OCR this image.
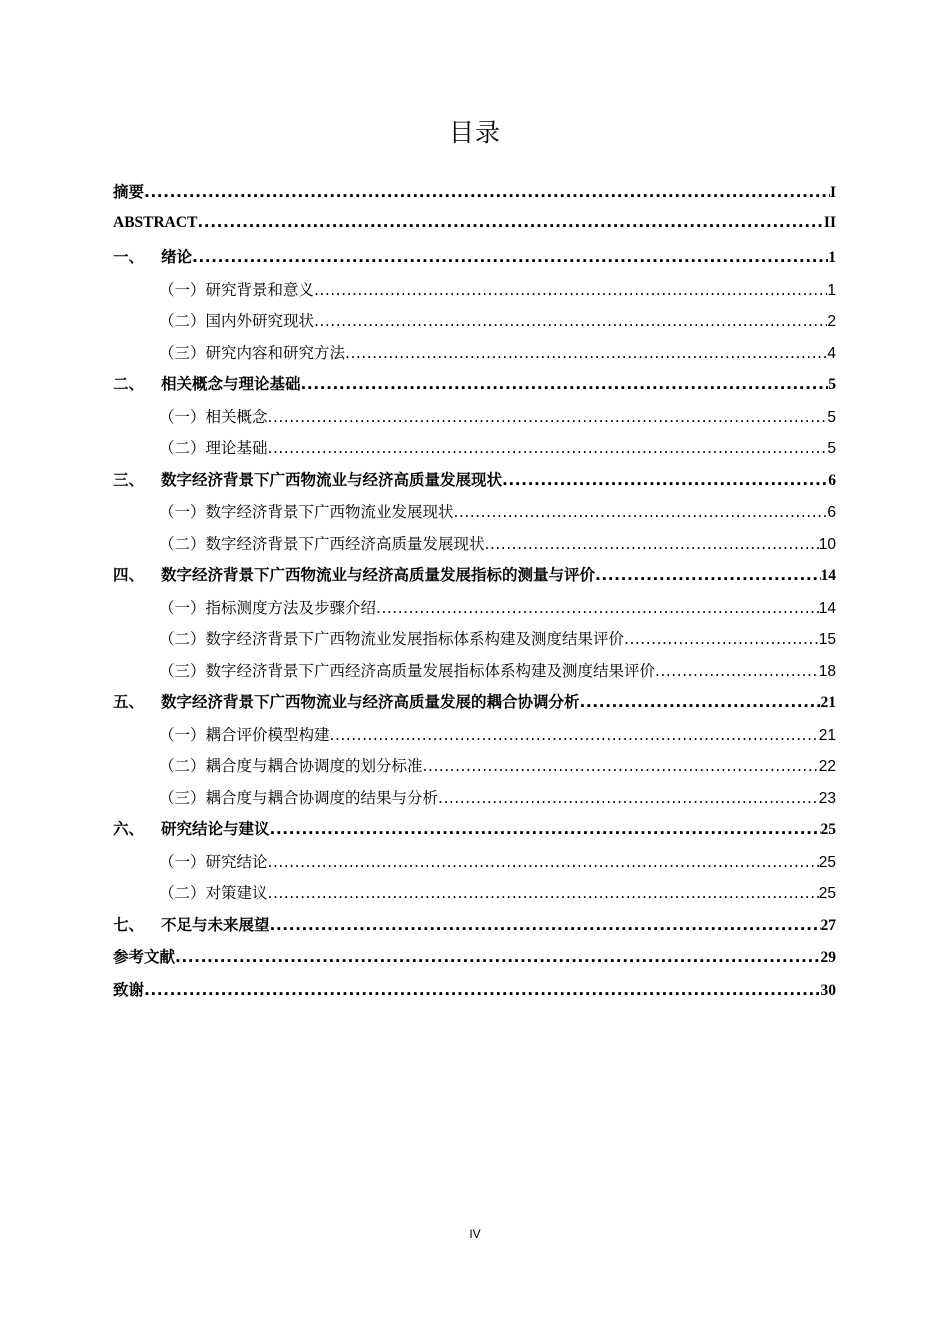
目录
摘要 .....	I
ABSTRACT .....	II
一、	绪论 .....	1
（一）研究背景和意义 .....	1
（二）国内外研究现状 .....	2
（三）研究内容和研究方法 .....	4
二、	相关概念与理论基础 .....	5
（一）相关概念 .....	5
（二）理论基础 .....	5
三、	数字经济背景下广西物流业与经济高质量发展现状 .....	6
（一）数字经济背景下广西物流业发展现状 .....	6
（二）数字经济背景下广西经济高质量发展现状 .....	10
四、	数字经济背景下广西物流业与经济高质量发展指标的测量与评价 .....	14
（一）指标测度方法及步骤介绍 .....	14
（二）数字经济背景下广西物流业发展指标体系构建及测度结果评价 .....	15
（三）数字经济背景下广西经济高质量发展指标体系构建及测度结果评价 .....	18
五、	数字经济背景下广西物流业与经济高质量发展的耦合协调分析 .....	21
（一）耦合评价模型构建 .....	21
（二）耦合度与耦合协调度的划分标准 .....	22
（三）耦合度与耦合协调度的结果与分析 .....	23
六、	研究结论与建议 .....	25
（一）研究结论 .....	25
（二）对策建议 .....	25
七、	不足与未来展望 .....	27
参考文献 .....	29
致谢 .....	30
IV
